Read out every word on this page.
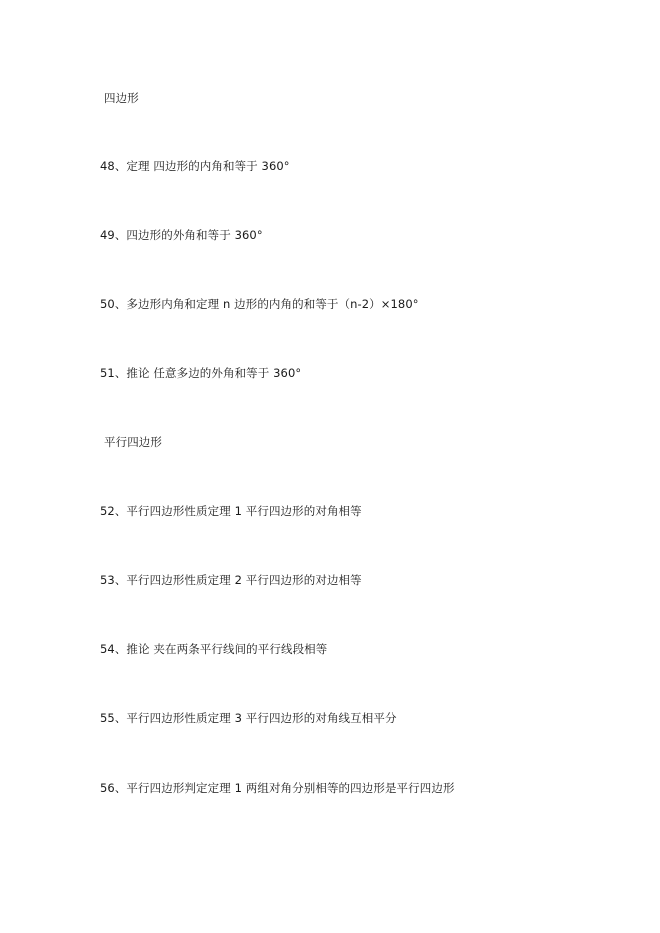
四边形
48、定理 四边形的内角和等于 360°
49、四边形的外角和等于 360°
50、多边形内角和定理 n 边形的内角的和等于（n-2）×180°
51、推论 任意多边的外角和等于 360°
平行四边形
52、平行四边形性质定理 1 平行四边形的对角相等
53、平行四边形性质定理 2 平行四边形的对边相等
54、推论 夹在两条平行线间的平行线段相等
55、平行四边形性质定理 3 平行四边形的对角线互相平分
56、平行四边形判定定理 1 两组对角分别相等的四边形是平行四边形
